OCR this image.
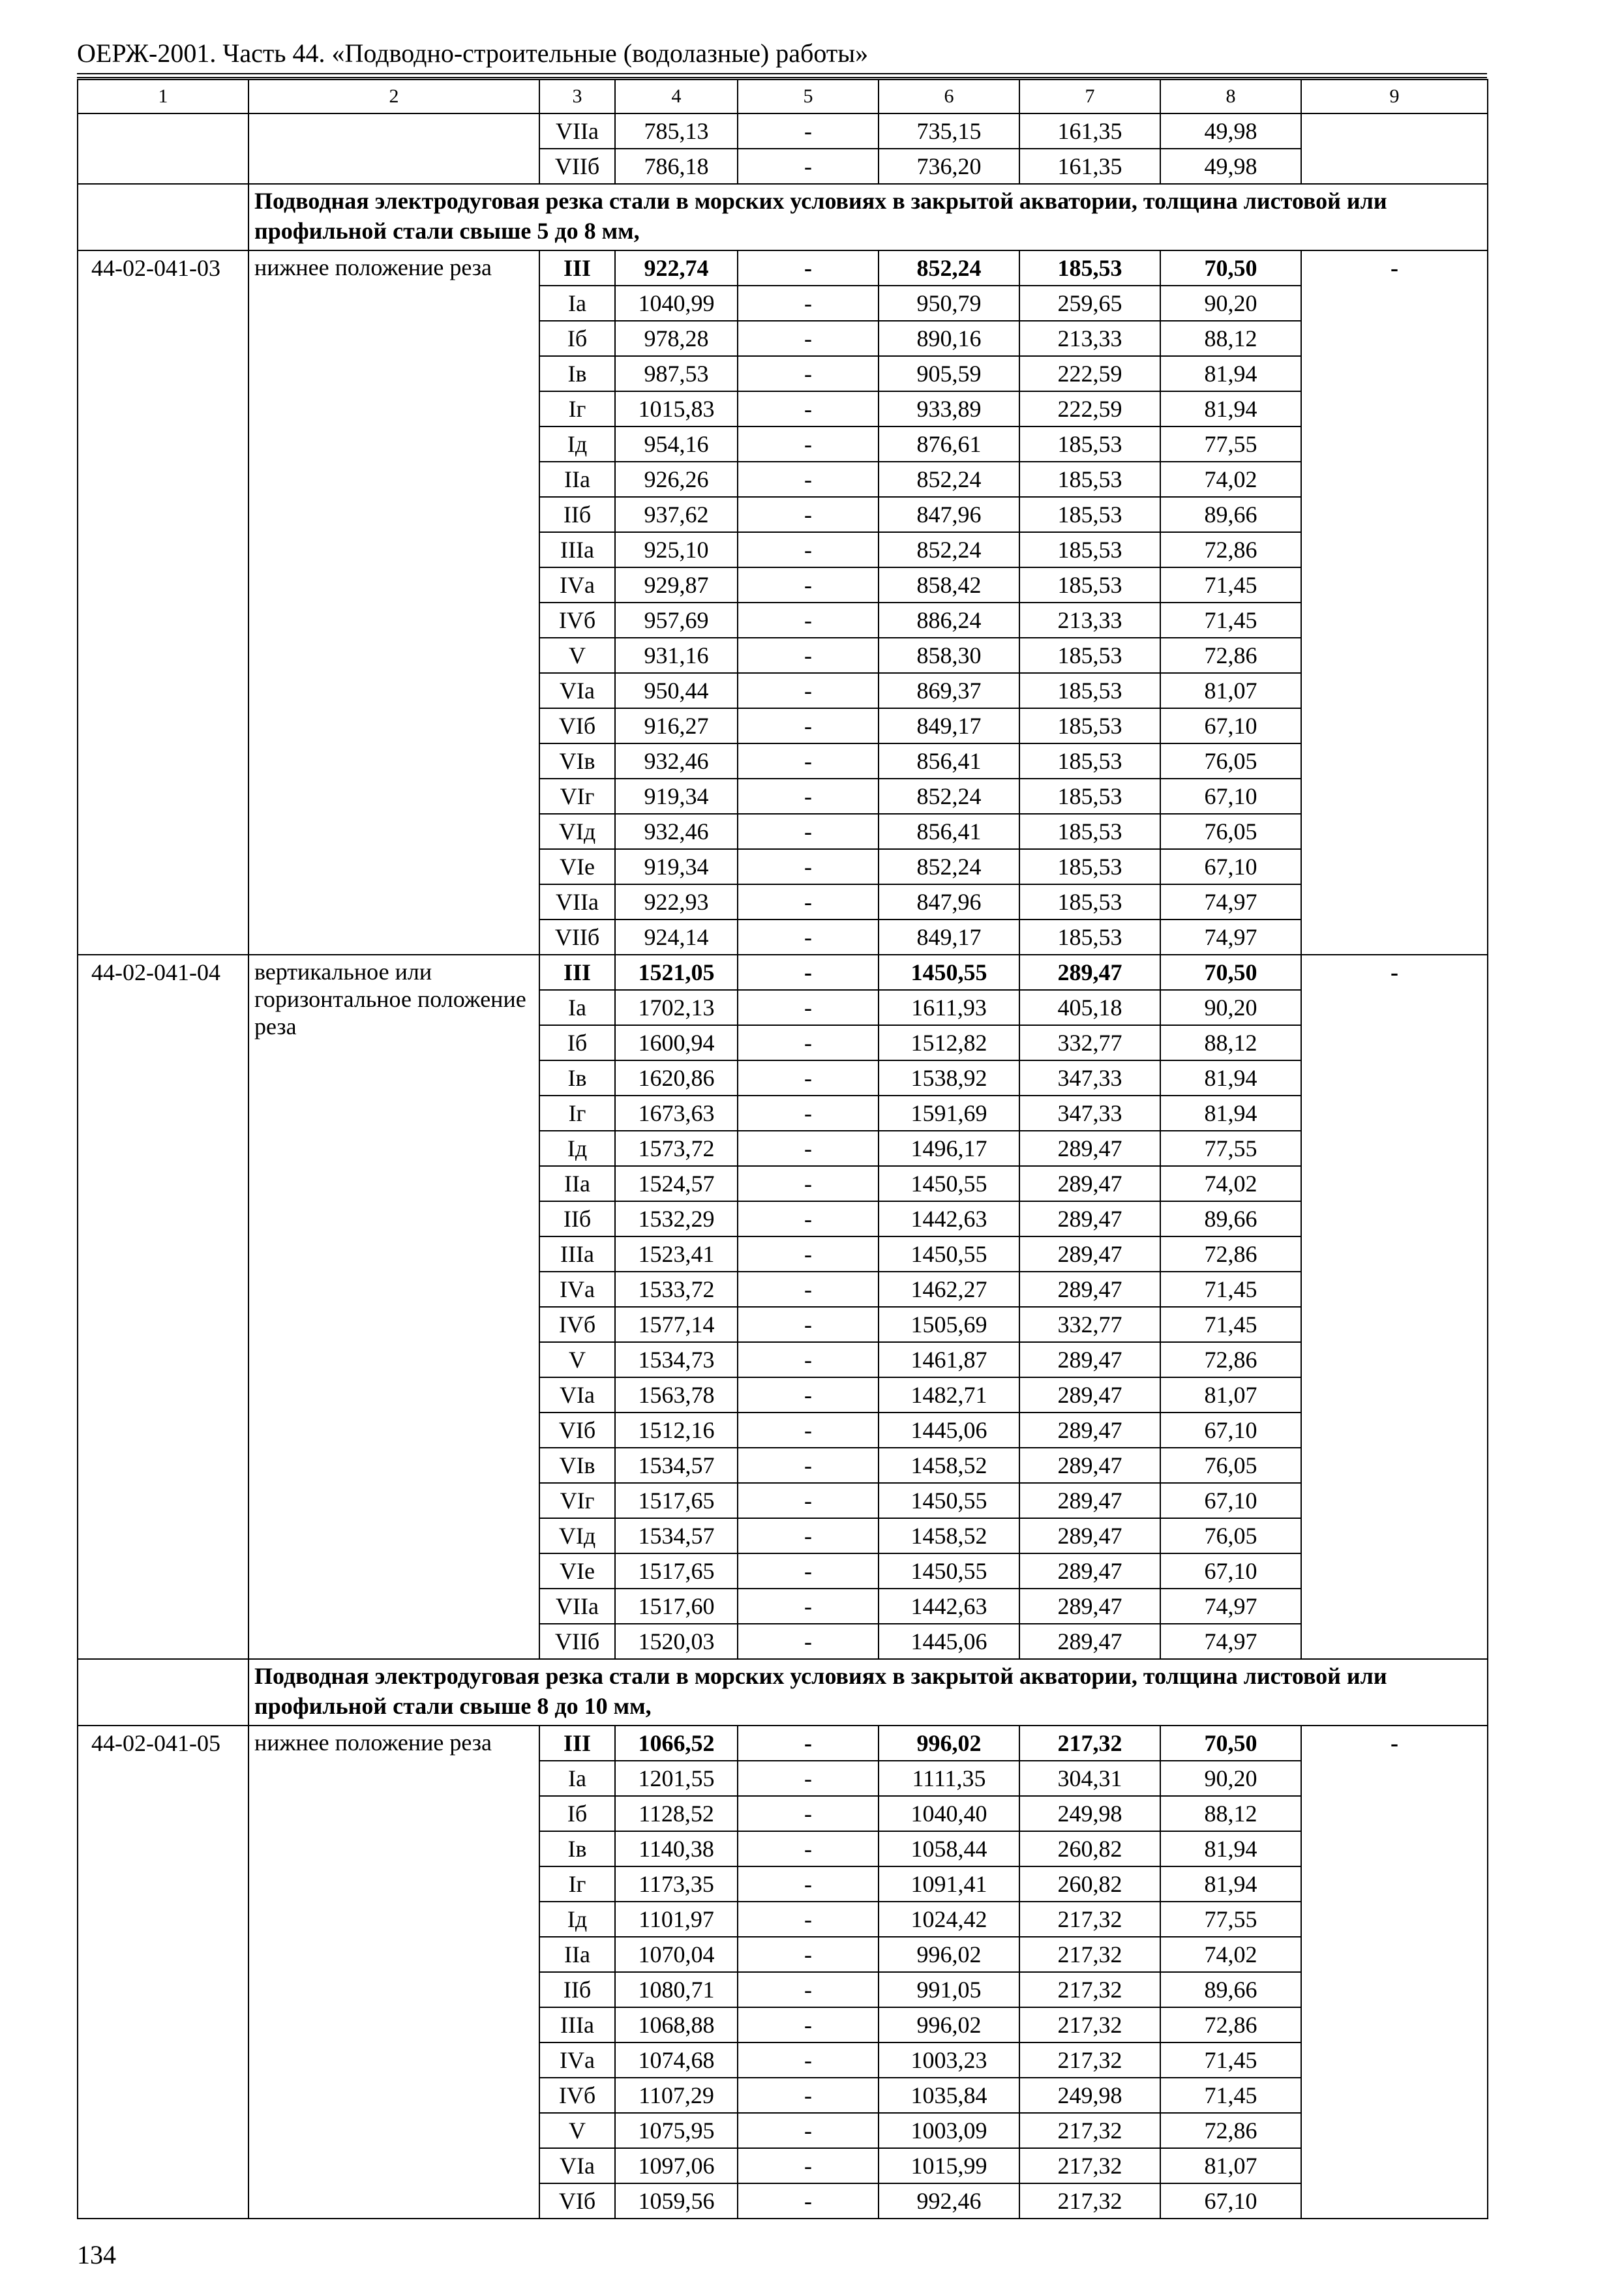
ОЕРЖ-2001. Часть 44. «Подводно-строительные (водолазные) работы»
1	2	3	4	5	6	7	8	9
		VIIа	785,13	-	735,15	161,35	49,98	
		VIIб	786,18	-	736,20	161,35	49,98	
	Подводная электродуговая резка стали в морских условиях в закрытой акватории, толщина листовой или профильной стали свыше 5 до 8 мм,							
44-02-041-03	нижнее положение реза	III	922,74	-	852,24	185,53	70,50	-
		Iа	1040,99	-	950,79	259,65	90,20	
		Iб	978,28	-	890,16	213,33	88,12	
		Iв	987,53	-	905,59	222,59	81,94	
		Iг	1015,83	-	933,89	222,59	81,94	
		Iд	954,16	-	876,61	185,53	77,55	
		IIа	926,26	-	852,24	185,53	74,02	
		IIб	937,62	-	847,96	185,53	89,66	
		IIIа	925,10	-	852,24	185,53	72,86	
		IVа	929,87	-	858,42	185,53	71,45	
		IVб	957,69	-	886,24	213,33	71,45	
		V	931,16	-	858,30	185,53	72,86	
		VIа	950,44	-	869,37	185,53	81,07	
		VIб	916,27	-	849,17	185,53	67,10	
		VIв	932,46	-	856,41	185,53	76,05	
		VIг	919,34	-	852,24	185,53	67,10	
		VIд	932,46	-	856,41	185,53	76,05	
		VIе	919,34	-	852,24	185,53	67,10	
		VIIа	922,93	-	847,96	185,53	74,97	
		VIIб	924,14	-	849,17	185,53	74,97	
44-02-041-04	вертикальное или горизонтальное положение реза	III	1521,05	-	1450,55	289,47	70,50	-
		Iа	1702,13	-	1611,93	405,18	90,20	
		Iб	1600,94	-	1512,82	332,77	88,12	
		Iв	1620,86	-	1538,92	347,33	81,94	
		Iг	1673,63	-	1591,69	347,33	81,94	
		Iд	1573,72	-	1496,17	289,47	77,55	
		IIа	1524,57	-	1450,55	289,47	74,02	
		IIб	1532,29	-	1442,63	289,47	89,66	
		IIIа	1523,41	-	1450,55	289,47	72,86	
		IVа	1533,72	-	1462,27	289,47	71,45	
		IVб	1577,14	-	1505,69	332,77	71,45	
		V	1534,73	-	1461,87	289,47	72,86	
		VIа	1563,78	-	1482,71	289,47	81,07	
		VIб	1512,16	-	1445,06	289,47	67,10	
		VIв	1534,57	-	1458,52	289,47	76,05	
		VIг	1517,65	-	1450,55	289,47	67,10	
		VIд	1534,57	-	1458,52	289,47	76,05	
		VIе	1517,65	-	1450,55	289,47	67,10	
		VIIа	1517,60	-	1442,63	289,47	74,97	
		VIIб	1520,03	-	1445,06	289,47	74,97	
	Подводная электродуговая резка стали в морских условиях в закрытой акватории, толщина листовой или профильной стали свыше 8 до 10 мм,							
44-02-041-05	нижнее положение реза	III	1066,52	-	996,02	217,32	70,50	-
		Iа	1201,55	-	1111,35	304,31	90,20	
		Iб	1128,52	-	1040,40	249,98	88,12	
		Iв	1140,38	-	1058,44	260,82	81,94	
		Iг	1173,35	-	1091,41	260,82	81,94	
		Iд	1101,97	-	1024,42	217,32	77,55	
		IIа	1070,04	-	996,02	217,32	74,02	
		IIб	1080,71	-	991,05	217,32	89,66	
		IIIа	1068,88	-	996,02	217,32	72,86	
		IVа	1074,68	-	1003,23	217,32	71,45	
		IVб	1107,29	-	1035,84	249,98	71,45	
		V	1075,95	-	1003,09	217,32	72,86	
		VIа	1097,06	-	1015,99	217,32	81,07	
		VIб	1059,56	-	992,46	217,32	67,10	
134
